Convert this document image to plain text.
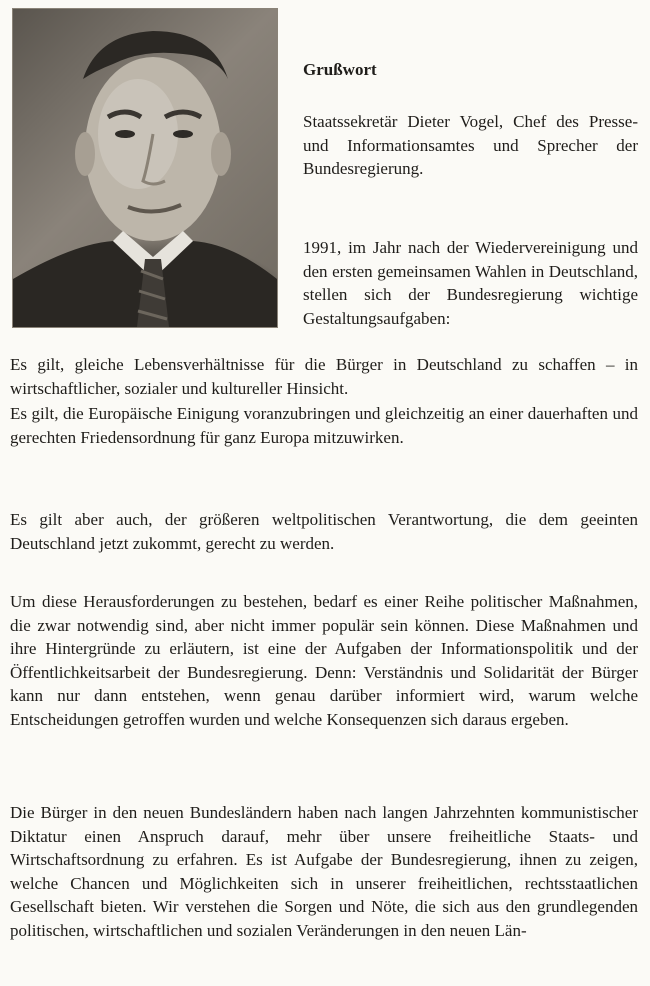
Grußwort

Staatssekretär Dieter Vogel, Chef des Presse- und Informationsamtes und Sprecher der Bundesregierung.

1991, im Jahr nach der Wiedervereinigung und den ersten gemeinsamen Wahlen in Deutschland, stellen sich der Bundesregierung wichtige Gestaltungsaufgaben:

Es gilt, gleiche Lebensverhältnisse für die Bürger in Deutschland zu schaffen – in wirtschaftlicher, sozialer und kultureller Hinsicht.

Es gilt, die Europäische Einigung voranzubringen und gleichzeitig an einer dauerhaften und gerechten Friedensordnung für ganz Europa mitzuwirken.

Es gilt aber auch, der größeren weltpolitischen Verantwortung, die dem geeinten Deutschland jetzt zukommt, gerecht zu werden.

Um diese Herausforderungen zu bestehen, bedarf es einer Reihe politischer Maßnahmen, die zwar notwendig sind, aber nicht immer populär sein können. Diese Maßnahmen und ihre Hintergründe zu erläutern, ist eine der Aufgaben der Informationspolitik und der Öffentlichkeitsarbeit der Bundesregierung. Denn: Verständnis und Solidarität der Bürger kann nur dann entstehen, wenn genau darüber informiert wird, warum welche Entscheidungen getroffen wurden und welche Konsequenzen sich daraus ergeben.

Die Bürger in den neuen Bundesländern haben nach langen Jahrzehnten kommunistischer Diktatur einen Anspruch darauf, mehr über unsere freiheitliche Staats- und Wirtschaftsordnung zu erfahren. Es ist Aufgabe der Bundesregierung, ihnen zu zeigen, welche Chancen und Möglichkeiten sich in unserer freiheitlichen, rechtsstaatlichen Gesellschaft bieten. Wir verstehen die Sorgen und Nöte, die sich aus den grundlegenden politischen, wirtschaftlichen und sozialen Veränderungen in den neuen Län-
